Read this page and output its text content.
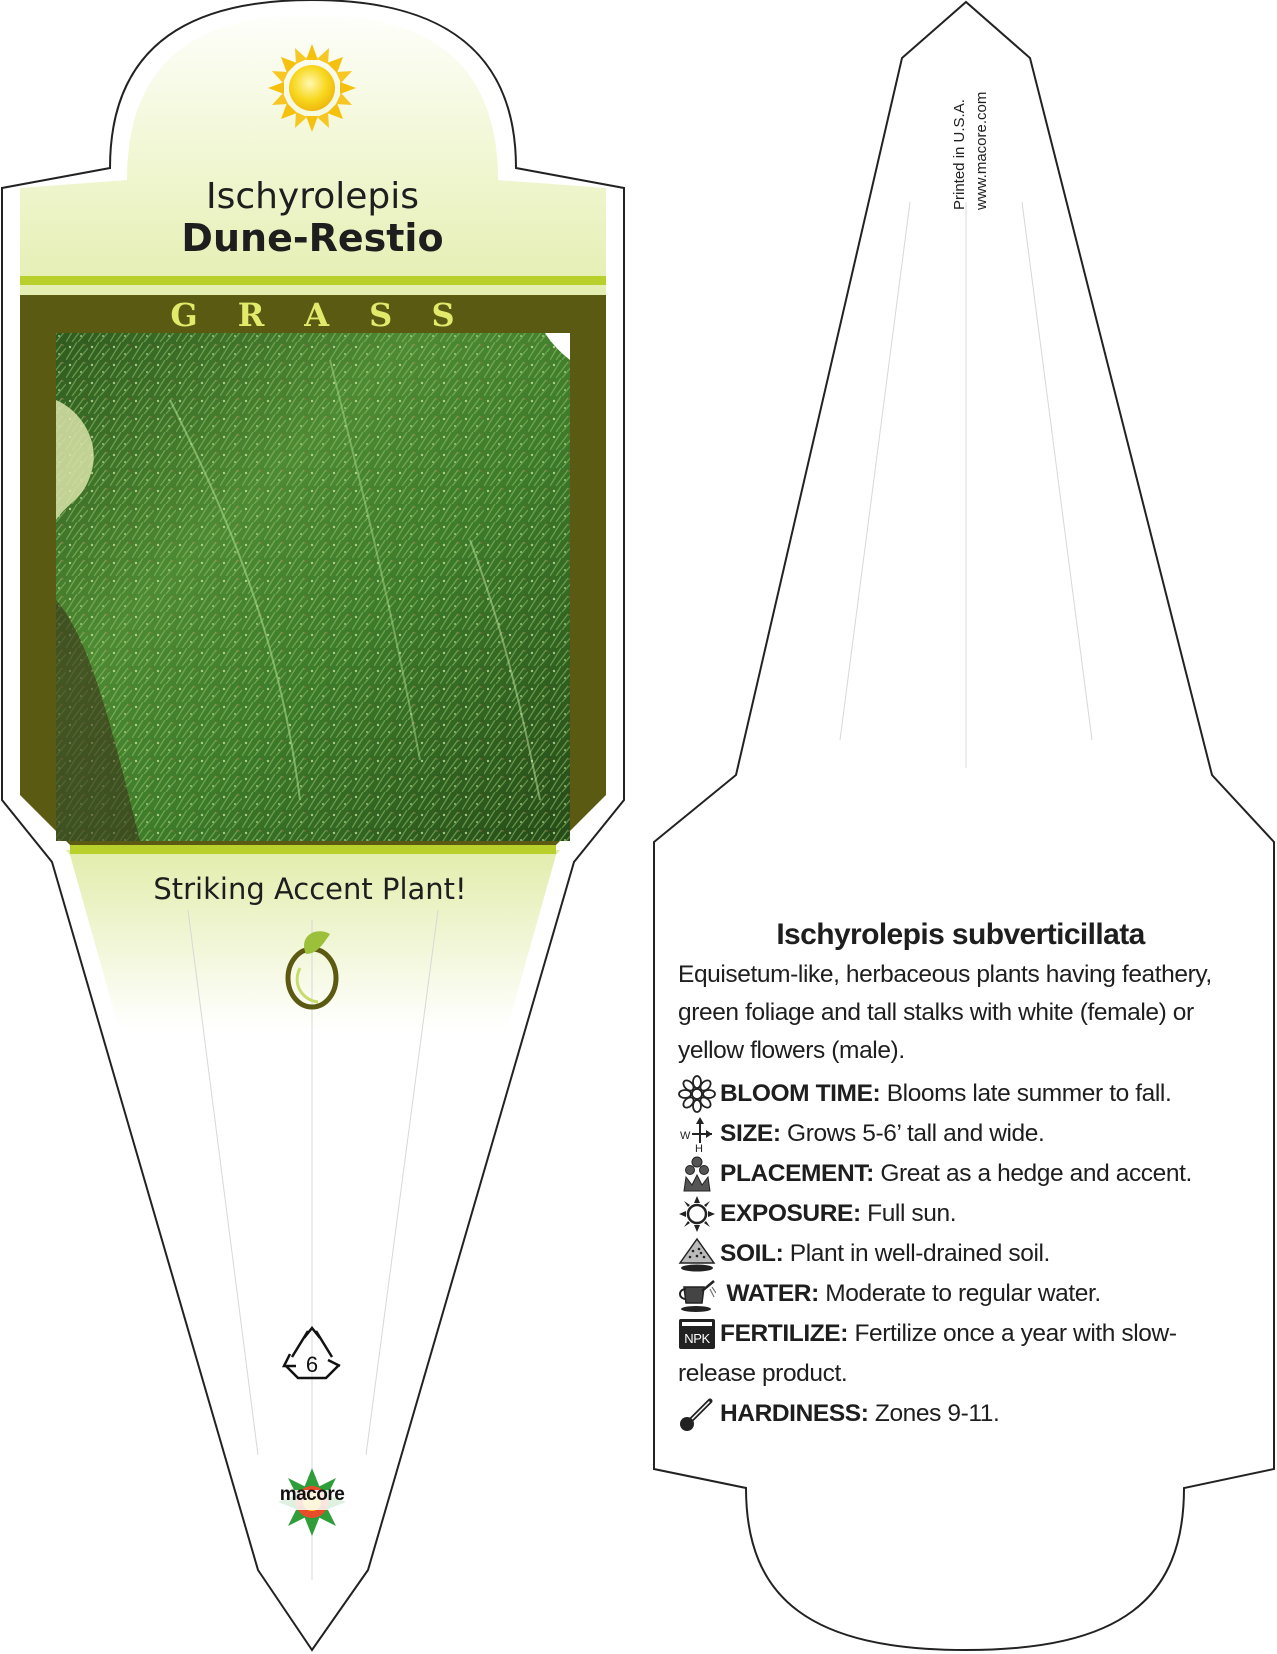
Ischyrolepis

Dune-Restio

GRASS

Striking Accent Plant!

6

macore

Printed in U.S.A. www.macore.com
Ischyrolepis subverticillata

Equisetum-like, herbaceous plants having feathery, green foliage and tall stalks with white (female) or yellow flowers (male).

BLOOM TIME: Blooms late summer to fall.
W
H
SIZE: Grows 5-6’ tall and wide.
PLACEMENT: Great as a hedge and accent.
EXPOSURE: Full sun.
SOIL: Plant in well-drained soil.
WATER: Moderate to regular water.
NPK FERTILIZE: Fertilize once a year with slow-release product.
HARDINESS: Zones 9-11.
